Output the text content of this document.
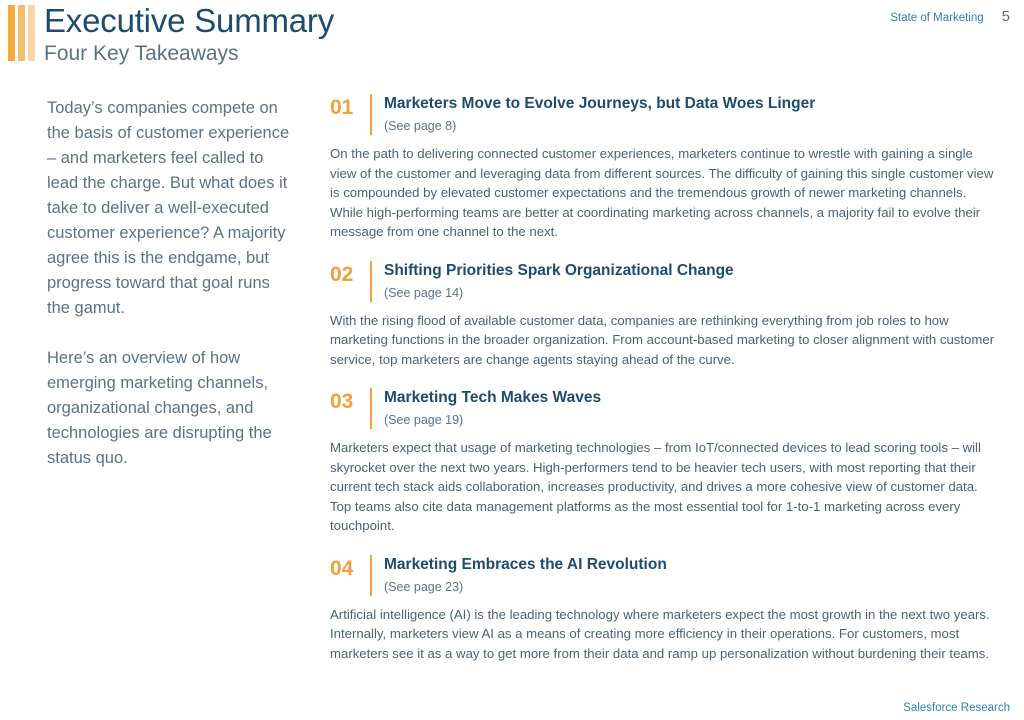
Executive Summary
Four Key Takeaways
State of Marketing 5

Today’s companies compete on the basis of customer experience – and marketers feel called to lead the charge. But what does it take to deliver a well-executed customer experience? A majority agree this is the endgame, but progress toward that goal runs the gamut.

Here’s an overview of how emerging marketing channels, organizational changes, and technologies are disrupting the status quo.

01	Marketers Move to Evolve Journeys, but Data Woes Linger

(See page 8)

On the path to delivering connected customer experiences, marketers continue to wrestle with gaining a single view of the customer and leveraging data from different sources. The difficulty of gaining this single customer view is compounded by elevated customer expectations and the tremendous growth of newer marketing channels. While high-performing teams are better at coordinating marketing across channels, a majority fail to evolve their message from one channel to the next.

02	Shifting Priorities Spark Organizational Change

(See page 14)

With the rising flood of available customer data, companies are rethinking everything from job roles to how marketing functions in the broader organization. From account-based marketing to closer alignment with customer service, top marketers are change agents staying ahead of the curve.

03	Marketing Tech Makes Waves

(See page 19)

Marketers expect that usage of marketing technologies – from IoT/connected devices to lead scoring tools – will skyrocket over the next two years. High-performers tend to be heavier tech users, with most reporting that their current tech stack aids collaboration, increases productivity, and drives a more cohesive view of customer data. Top teams also cite data management platforms as the most essential tool for 1-to-1 marketing across every touchpoint.

04	Marketing Embraces the AI Revolution

(See page 23)

Artificial intelligence (AI) is the leading technology where marketers expect the most growth in the next two years. Internally, marketers view AI as a means of creating more efficiency in their operations. For customers, most marketers see it as a way to get more from their data and ramp up personalization without burdening their teams.

Salesforce Research
